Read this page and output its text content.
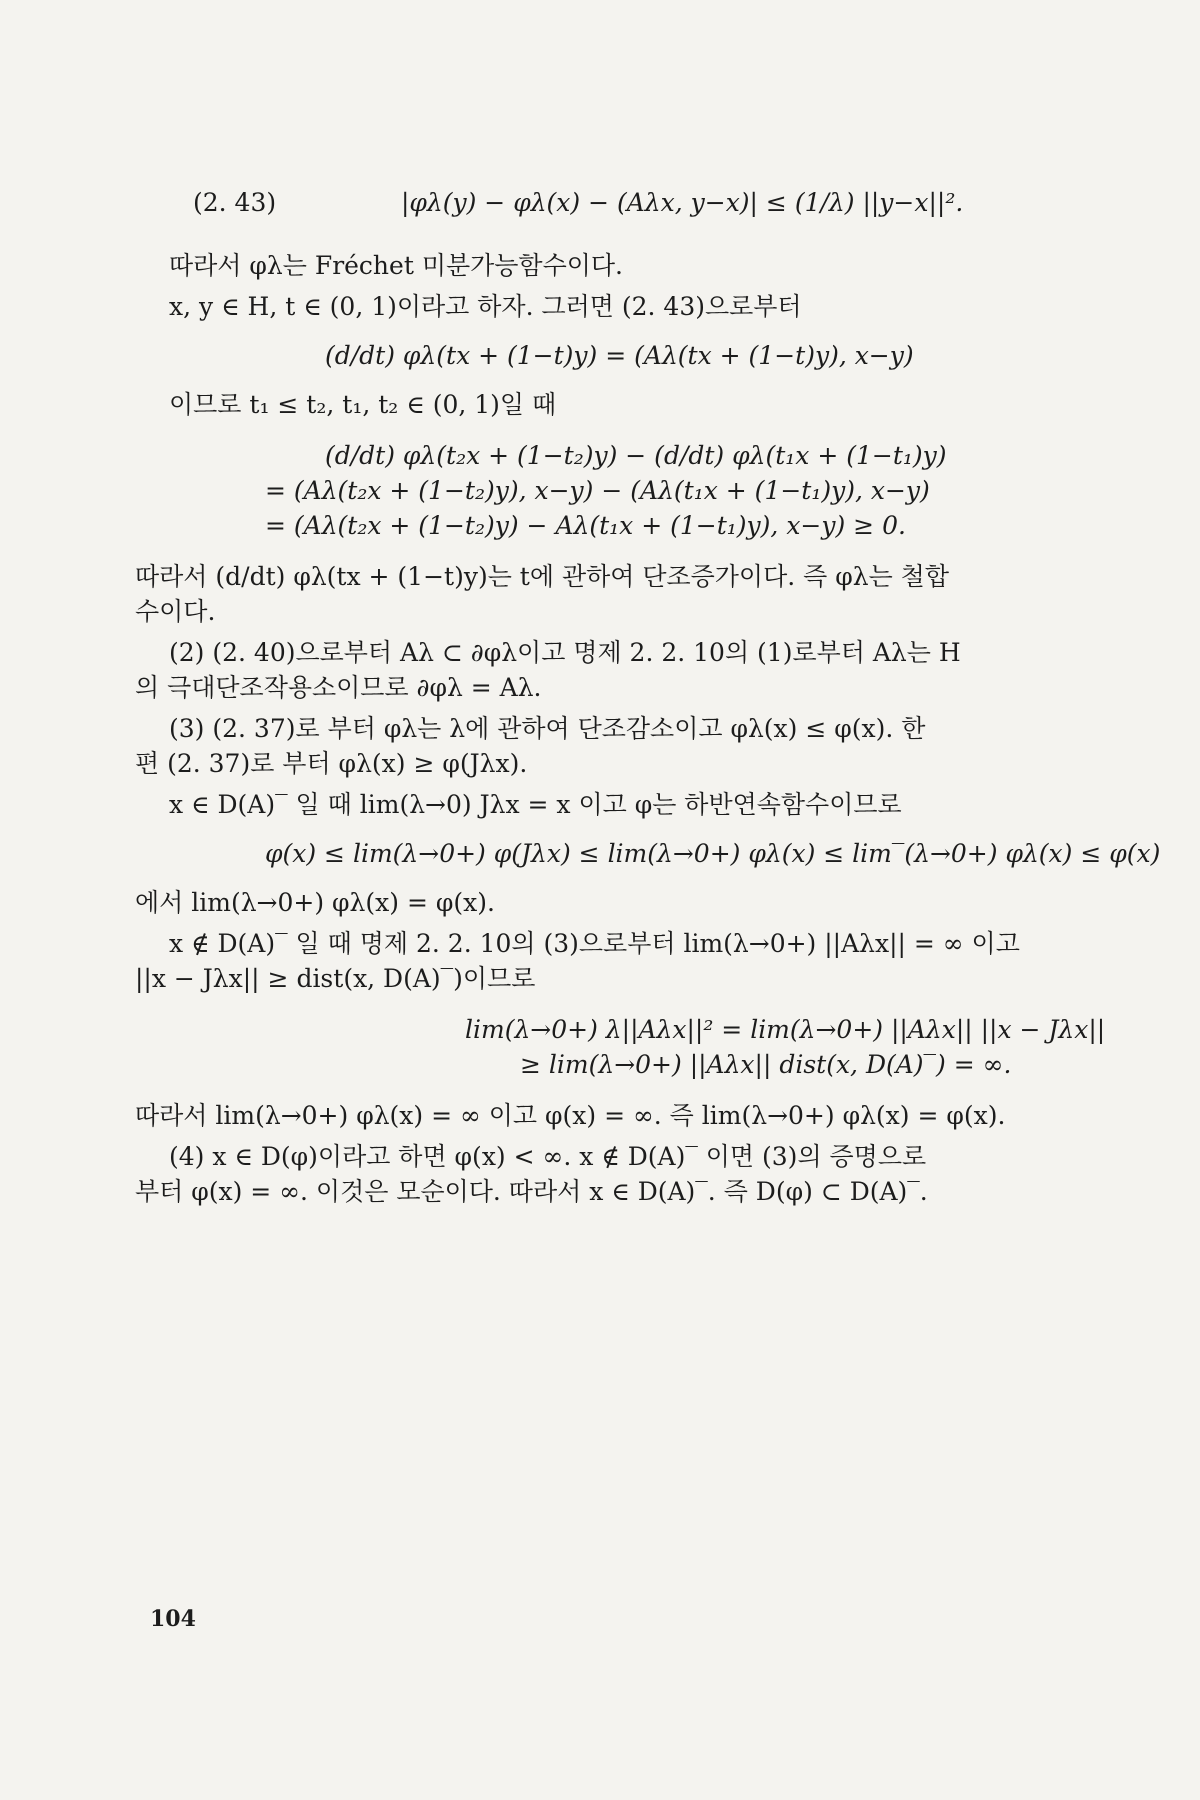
(2. 43)	|φλ(y) − φλ(x) − (Aλx, y−x)| ≤ (1/λ) ||y−x||².
따라서 φλ는 Fréchet 미분가능함수이다.
x, y ∈ H, t ∈ (0, 1)이라고 하자. 그러면 (2. 43)으로부터
(d/dt) φλ(tx + (1−t)y) = (Aλ(tx + (1−t)y), x−y)
이므로 t₁ ≤ t₂, t₁, t₂ ∈ (0, 1)일 때
(d/dt) φλ(t₂x + (1−t₂)y) − (d/dt) φλ(t₁x + (1−t₁)y)
= (Aλ(t₂x + (1−t₂)y), x−y) − (Aλ(t₁x + (1−t₁)y), x−y)
= (Aλ(t₂x + (1−t₂)y) − Aλ(t₁x + (1−t₁)y), x−y) ≥ 0.
따라서 (d/dt) φλ(tx + (1−t)y)는 t에 관하여 단조증가이다. 즉 φλ는 철합
수이다.
(2) (2. 40)으로부터 Aλ ⊂ ∂φλ이고 명제 2. 2. 10의 (1)로부터 Aλ는 H
의 극대단조작용소이므로 ∂φλ = Aλ.
(3) (2. 37)로 부터 φλ는 λ에 관하여 단조감소이고 φλ(x) ≤ φ(x). 한
편 (2. 37)로 부터 φλ(x) ≥ φ(Jλx).
x ∈ D(A)‾ 일 때 lim(λ→0) Jλx = x 이고 φ는 하반연속함수이므로
φ(x) ≤ lim(λ→0+) φ(Jλx) ≤ lim(λ→0+) φλ(x) ≤ lim‾(λ→0+) φλ(x) ≤ φ(x)
에서 lim(λ→0+) φλ(x) = φ(x).
x ∉ D(A)‾ 일 때 명제 2. 2. 10의 (3)으로부터 lim(λ→0+) ||Aλx|| = ∞ 이고
||x − Jλx|| ≥ dist(x, D(A)‾)이므로
lim(λ→0+) λ||Aλx||² = lim(λ→0+) ||Aλx|| ||x − Jλx||
≥ lim(λ→0+) ||Aλx|| dist(x, D(A)‾) = ∞.
따라서 lim(λ→0+) φλ(x) = ∞ 이고 φ(x) = ∞. 즉 lim(λ→0+) φλ(x) = φ(x).
(4) x ∈ D(φ)이라고 하면 φ(x) < ∞. x ∉ D(A)‾ 이면 (3)의 증명으로
부터 φ(x) = ∞. 이것은 모순이다. 따라서 x ∈ D(A)‾. 즉 D(φ) ⊂ D(A)‾.
104
